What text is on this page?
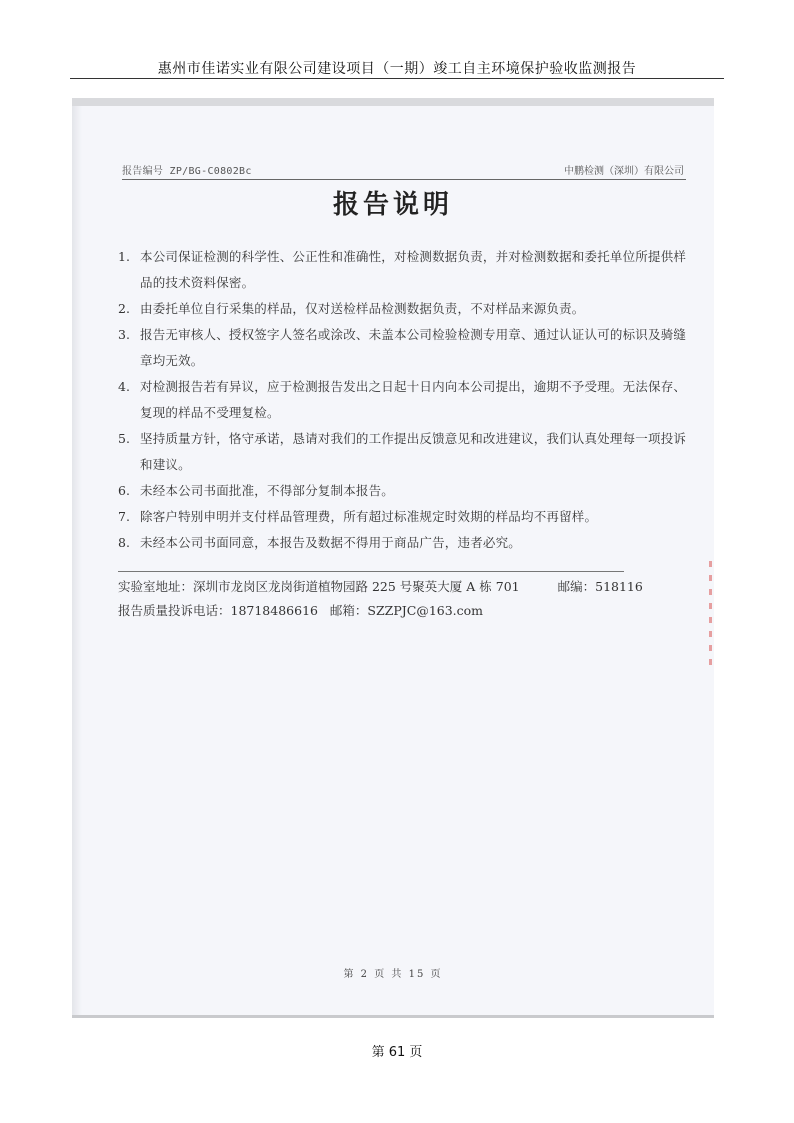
惠州市佳诺实业有限公司建设项目（一期）竣工自主环境保护验收监测报告
报告编号 ZP/BG-C0802Bc	中鹏检测（深圳）有限公司
报告说明
1. 本公司保证检测的科学性、公正性和准确性，对检测数据负责，并对检测数据和委托单位所提供样品的技术资料保密。
2. 由委托单位自行采集的样品，仅对送检样品检测数据负责，不对样品来源负责。
3. 报告无审核人、授权签字人签名或涂改、未盖本公司检验检测专用章、通过认证认可的标识及骑缝章均无效。
4. 对检测报告若有异议，应于检测报告发出之日起十日内向本公司提出，逾期不予受理。无法保存、复现的样品不受理复检。
5. 坚持质量方针，恪守承诺，恳请对我们的工作提出反馈意见和改进建议，我们认真处理每一项投诉和建议。
6. 未经本公司书面批准，不得部分复制本报告。
7. 除客户特别申明并支付样品管理费，所有超过标准规定时效期的样品均不再留样。
8. 未经本公司书面同意，本报告及数据不得用于商品广告，违者必究。
实验室地址：深圳市龙岗区龙岗街道植物园路 225 号聚英大厦 A 栋 701	邮编：518116
报告质量投诉电话：18718486616 邮箱：SZZPJC@163.com
第 2 页 共 15 页
第 61 页
